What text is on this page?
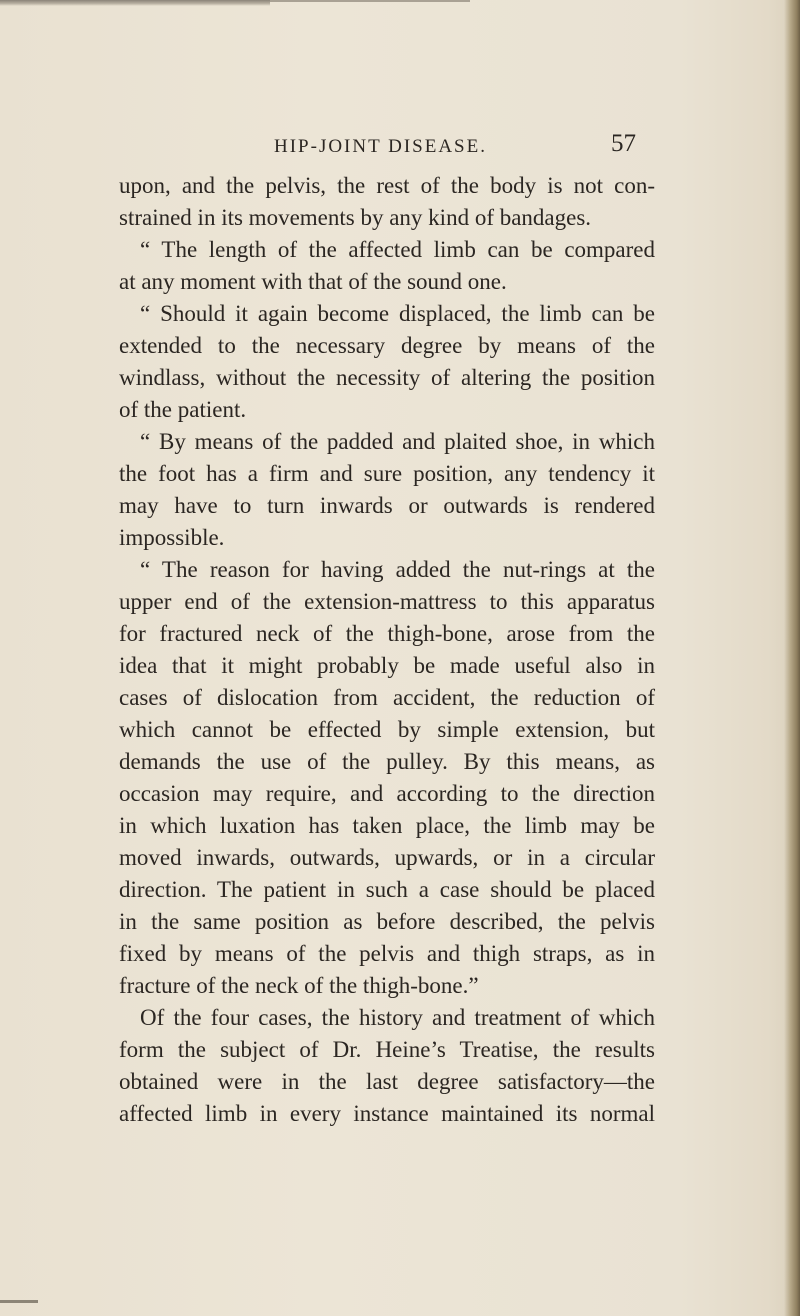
HIP-JOINT DISEASE.	57
upon, and the pelvis, the rest of the body is not con-
strained in its movements by any kind of bandages.
“ The length of the affected limb can be compared
at any moment with that of the sound one.
“ Should it again become displaced, the limb can be
extended to the necessary degree by means of the
windlass, without the necessity of altering the position
of the patient.
“ By means of the padded and plaited shoe, in which
the foot has a firm and sure position, any tendency it
may have to turn inwards or outwards is rendered
impossible.
“ The reason for having added the nut-rings at the
upper end of the extension-mattress to this apparatus
for fractured neck of the thigh-bone, arose from the
idea that it might probably be made useful also in
cases of dislocation from accident, the reduction of
which cannot be effected by simple extension, but
demands the use of the pulley. By this means, as
occasion may require, and according to the direction
in which luxation has taken place, the limb may be
moved inwards, outwards, upwards, or in a circular
direction. The patient in such a case should be placed
in the same position as before described, the pelvis
fixed by means of the pelvis and thigh straps, as in
fracture of the neck of the thigh-bone.”
Of the four cases, the history and treatment of which
form the subject of Dr. Heine’s Treatise, the results
obtained were in the last degree satisfactory—the
affected limb in every instance maintained its normal
